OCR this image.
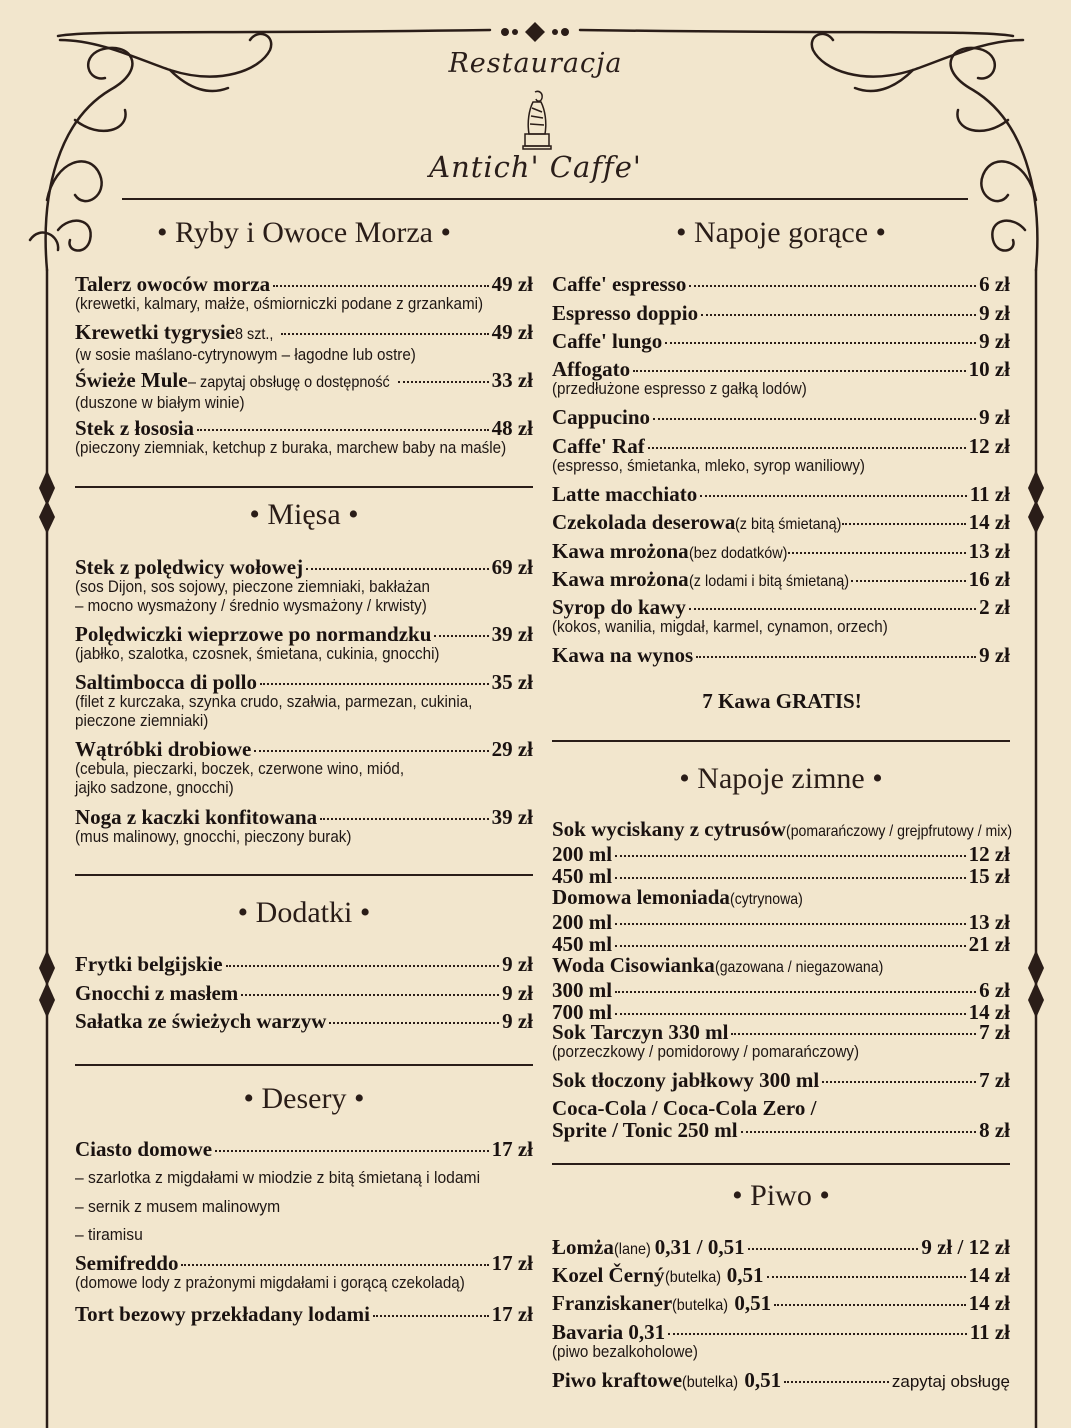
Restauracja
Antich' Caffe'
• Ryby i Owoce Morza •
Talerz owoców morza	49 zł
(krewetki, kalmary, małże, ośmiorniczki podane z grzankami)
Krewetki tygrysie8 szt.,	49 zł
(w sosie maślano-cytrynowym – łagodne lub ostre)
Świeże Mule– zapytaj obsługę o dostępność	33 zł
(duszone w białym winie)
Stek z łososia	48 zł
(pieczony ziemniak, ketchup z buraka, marchew baby na maśle)
• Mięsa •
Stek z polędwicy wołowej	69 zł
(sos Dijon, sos sojowy, pieczone ziemniaki, bakłażan
– mocno wysmażony / średnio wysmażony / krwisty)
Polędwiczki wieprzowe po normandzku	39 zł
(jabłko, szalotka, czosnek, śmietana, cukinia, gnocchi)
Saltimbocca di pollo	35 zł
(filet z kurczaka, szynka crudo, szałwia, parmezan, cukinia,
pieczone ziemniaki)
Wątróbki drobiowe	29 zł
(cebula, pieczarki, boczek, czerwone wino, miód,
jajko sadzone, gnocchi)
Noga z kaczki konfitowana	39 zł
(mus malinowy, gnocchi, pieczony burak)
• Dodatki •
Frytki belgijskie	9 zł
Gnocchi z masłem	9 zł
Sałatka ze świeżych warzyw	9 zł
• Desery •
Ciasto domowe	17 zł
– szarlotka z migdałami w miodzie z bitą śmietaną i lodami
– sernik z musem malinowym
– tiramisu
Semifreddo	17 zł
(domowe lody z prażonymi migdałami i gorącą czekoladą)
Tort bezowy przekładany lodami	17 zł
• Napoje gorące •
Caffe' espresso	6 zł
Espresso doppio	9 zł
Caffe' lungo	9 zł
Affogato	10 zł
(przedłużone espresso z gałką lodów)
Cappucino	9 zł
Caffe' Raf	12 zł
(espresso, śmietanka, mleko, syrop waniliowy)
Latte macchiato	11 zł
Czekolada deserowa(z bitą śmietaną)	14 zł
Kawa mrożona(bez dodatków)	13 zł
Kawa mrożona(z lodami i bitą śmietaną)	16 zł
Syrop do kawy	2 zł
(kokos, wanilia, migdał, karmel, cynamon, orzech)
Kawa na wynos	9 zł
7 Kawa GRATIS!
• Napoje zimne •
Sok wyciskany z cytrusów(pomarańczowy / grejpfrutowy / mix)
200 ml	12 zł
450 ml	15 zł
Domowa lemoniada(cytrynowa)
200 ml	13 zł
450 ml	21 zł
Woda Cisowianka(gazowana / niegazowana)
300 ml	6 zł
700 ml	14 zł
Sok Tarczyn 330 ml	7 zł
(porzeczkowy / pomidorowy / pomarańczowy)
Sok tłoczony jabłkowy 300 ml	7 zł
Coca-Cola / Coca-Cola Zero /
Sprite / Tonic 250 ml	8 zł
• Piwo •
Łomża(lane)0,31 / 0,51	9 zł / 12 zł
Kozel Černý(butelka)0,51	14 zł
Franziskaner(butelka)0,51	14 zł
Bavaria 0,31	11 zł
(piwo bezalkoholowe)
Piwo kraftowe(butelka)0,51	zapytaj obsługę
